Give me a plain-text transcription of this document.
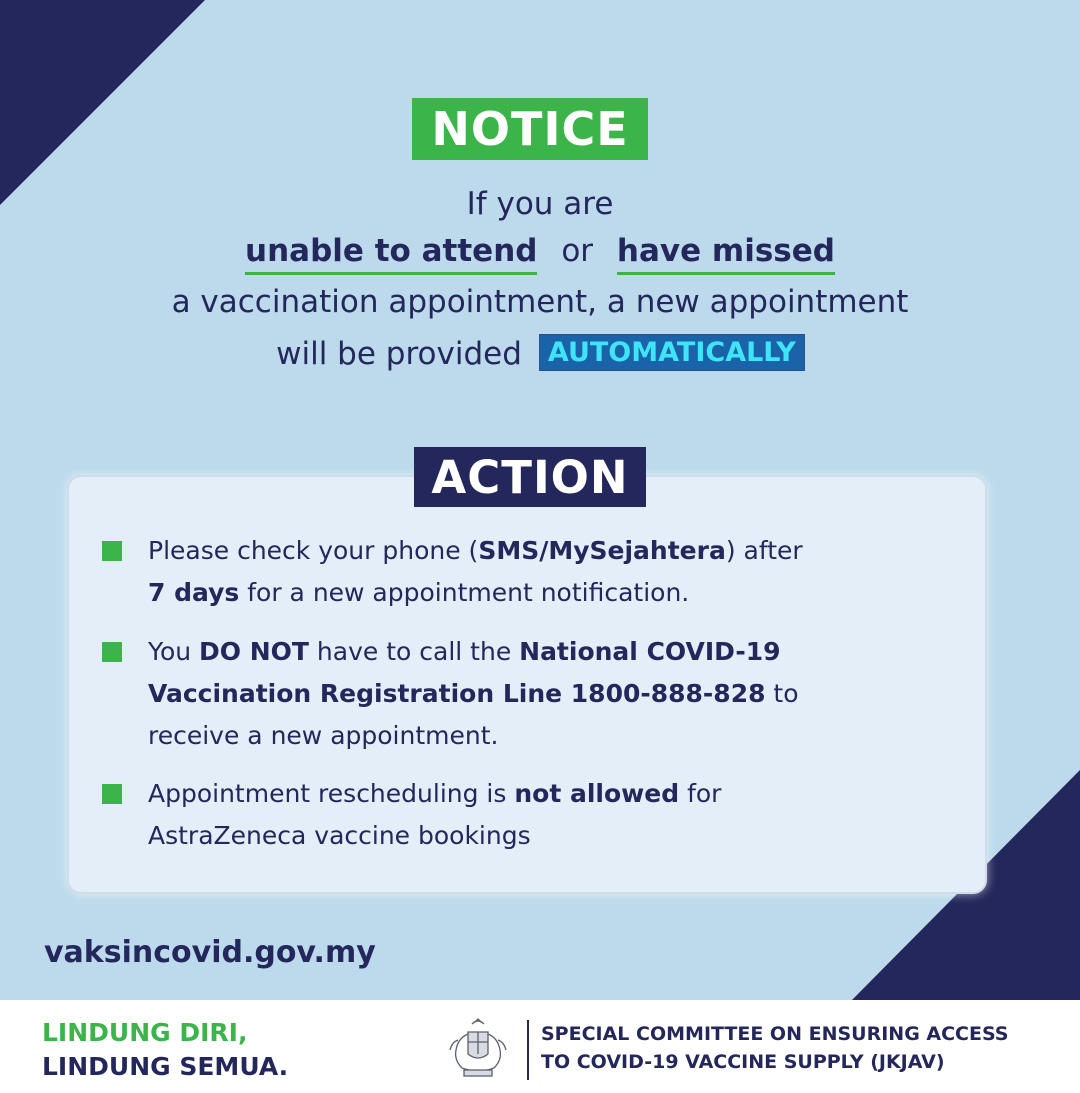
NOTICE
If you are
unable to attend or have missed
a vaccination appointment, a new appointment
will be provided AUTOMATICALLY
ACTION
Please check your phone (SMS/MySejahtera) after
7 days for a new appointment notification.
You DO NOT have to call the National COVID-19
Vaccination Registration Line 1800-888-828 to
receive a new appointment.
Appointment rescheduling is not allowed for
AstraZeneca vaccine bookings
vaksincovid.gov.my
LINDUNG DIRI,
LINDUNG SEMUA.
SPECIAL COMMITTEE ON ENSURING ACCESS
TO COVID-19 VACCINE SUPPLY (JKJAV)
